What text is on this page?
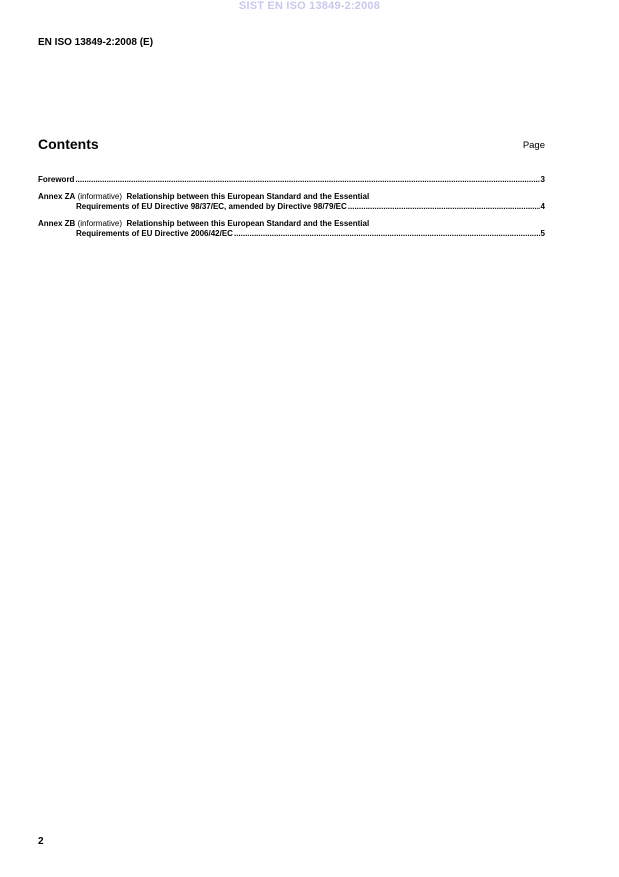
SIST EN ISO 13849-2:2008
EN ISO 13849-2:2008 (E)
Contents	Page
Foreword .....	3
Annex ZA
(informative)
Relationship between this European Standard and the Essential
Requirements of EU Directive 98/37/EC, amended by Directive 98/79/EC .....	4
Annex ZB
(informative)
Relationship between this European Standard and the Essential
Requirements of EU Directive 2006/42/EC .....	5
2
